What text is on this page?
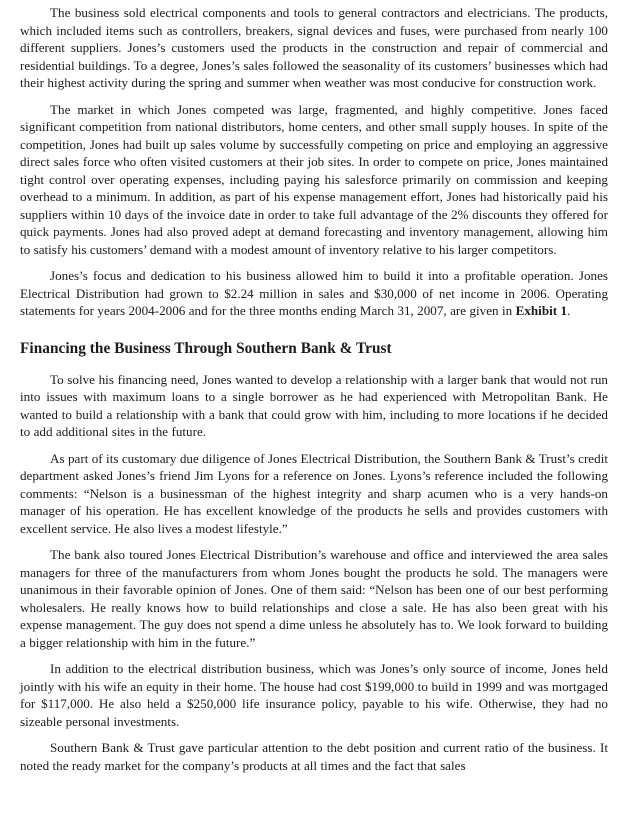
The business sold electrical components and tools to general contractors and electricians. The products, which included items such as controllers, breakers, signal devices and fuses, were purchased from nearly 100 different suppliers. Jones’s customers used the products in the construction and repair of commercial and residential buildings. To a degree, Jones’s sales followed the seasonality of its customers’ businesses which had their highest activity during the spring and summer when weather was most conducive for construction work.

The market in which Jones competed was large, fragmented, and highly competitive. Jones faced significant competition from national distributors, home centers, and other small supply houses. In spite of the competition, Jones had built up sales volume by successfully competing on price and employing an aggressive direct sales force who often visited customers at their job sites. In order to compete on price, Jones maintained tight control over operating expenses, including paying his salesforce primarily on commission and keeping overhead to a minimum. In addition, as part of his expense management effort, Jones had historically paid his suppliers within 10 days of the invoice date in order to take full advantage of the 2% discounts they offered for quick payments. Jones had also proved adept at demand forecasting and inventory management, allowing him to satisfy his customers’ demand with a modest amount of inventory relative to his larger competitors.

Jones’s focus and dedication to his business allowed him to build it into a profitable operation. Jones Electrical Distribution had grown to $2.24 million in sales and $30,000 of net income in 2006. Operating statements for years 2004-2006 and for the three months ending March 31, 2007, are given in Exhibit 1.

Financing the Business Through Southern Bank & Trust

To solve his financing need, Jones wanted to develop a relationship with a larger bank that would not run into issues with maximum loans to a single borrower as he had experienced with Metropolitan Bank. He wanted to build a relationship with a bank that could grow with him, including to more locations if he decided to add additional sites in the future.

As part of its customary due diligence of Jones Electrical Distribution, the Southern Bank & Trust’s credit department asked Jones’s friend Jim Lyons for a reference on Jones. Lyons’s reference included the following comments: “Nelson is a businessman of the highest integrity and sharp acumen who is a very hands-on manager of his operation. He has excellent knowledge of the products he sells and provides customers with excellent service. He also lives a modest lifestyle.”

The bank also toured Jones Electrical Distribution’s warehouse and office and interviewed the area sales managers for three of the manufacturers from whom Jones bought the products he sold. The managers were unanimous in their favorable opinion of Jones. One of them said: “Nelson has been one of our best performing wholesalers. He really knows how to build relationships and close a sale. He has also been great with his expense management. The guy does not spend a dime unless he absolutely has to. We look forward to building a bigger relationship with him in the future.”

In addition to the electrical distribution business, which was Jones’s only source of income, Jones held jointly with his wife an equity in their home. The house had cost $199,000 to build in 1999 and was mortgaged for $117,000. He also held a $250,000 life insurance policy, payable to his wife. Otherwise, they had no sizeable personal investments.

Southern Bank & Trust gave particular attention to the debt position and current ratio of the business. It noted the ready market for the company’s products at all times and the fact that sales
